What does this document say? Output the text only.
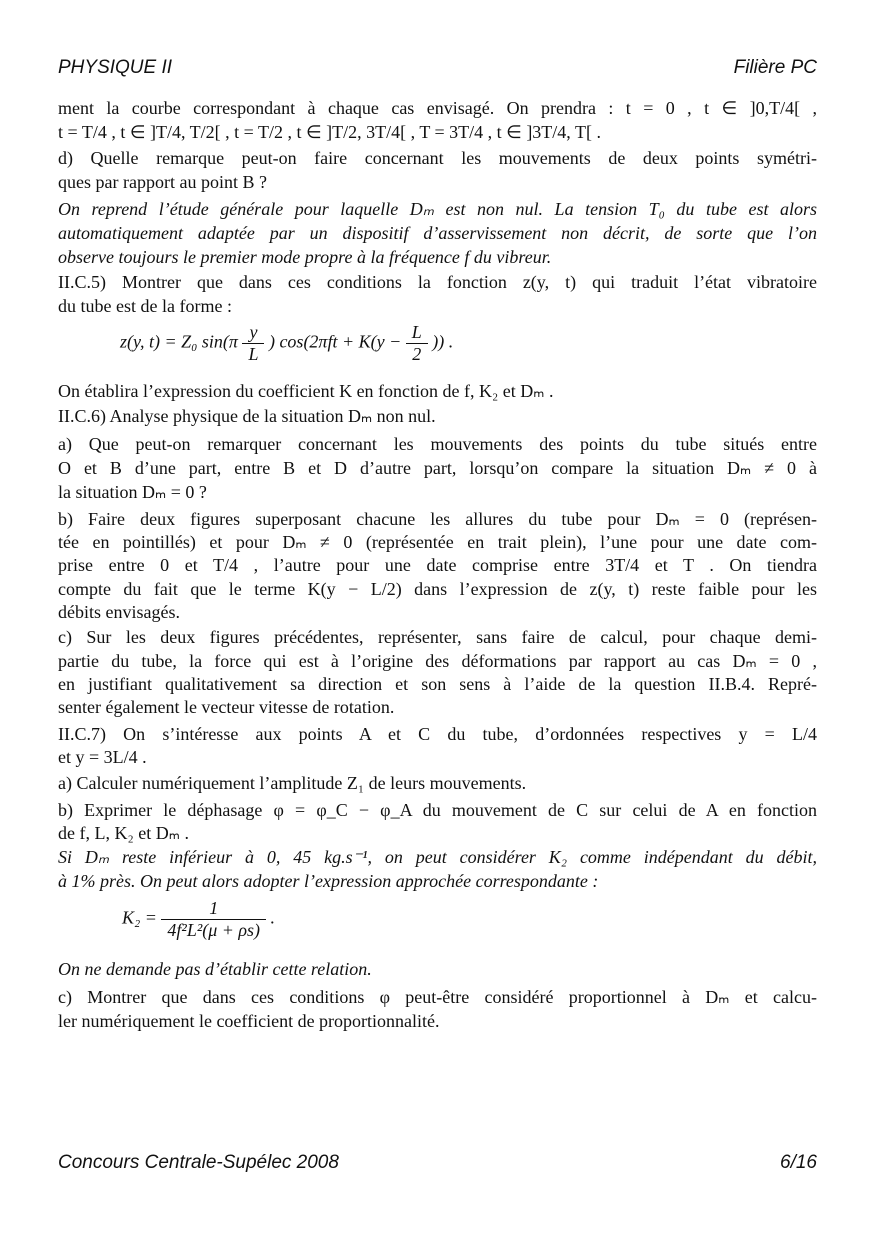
PHYSIQUE II	Filière PC
ment la courbe correspondant à chaque cas envisagé. On prendra : t = 0 , t ∈ ]0,T/4[ ,
t = T/4 , t ∈ ]T/4, T/2[ , t = T/2 , t ∈ ]T/2, 3T/4[ , T = 3T/4 , t ∈ ]3T/4, T[ .
d) Quelle remarque peut-on faire concernant les mouvements de deux points symétri-
ques par rapport au point B ?
On reprend l’étude générale pour laquelle Dₘ est non nul. La tension T₀ du tube est alors
automatiquement adaptée par un dispositif d’asservissement non décrit, de sorte que l’on
observe toujours le premier mode propre à la fréquence f du vibreur.
II.C.5) Montrer que dans ces conditions la fonction z(y, t) qui traduit l’état vibratoire
du tube est de la forme :
z(y, t) = Z₀ $\sin(\pi \frac{y}{L}$ ) $\cos(2\pi ft + K(y - \frac{L}{2}$ )) .
On établira l’expression du coefficient K en fonction de f, K₂ et Dₘ .
II.C.6) Analyse physique de la situation Dₘ non nul.
a) Que peut-on remarquer concernant les mouvements des points du tube situés entre
O et B d’une part, entre B et D d’autre part, lorsqu’on compare la situation Dₘ ≠ 0 à
la situation Dₘ = 0 ?
b) Faire deux figures superposant chacune les allures du tube pour Dₘ = 0 (représen-
tée en pointillés) et pour Dₘ ≠ 0 (représentée en trait plein), l’une pour une date com-
prise entre 0 et T/4 , l’autre pour une date comprise entre 3T/4 et T . On tiendra
compte du fait que le terme K(y − L/2) dans l’expression de z(y, t) reste faible pour les
débits envisagés.
c) Sur les deux figures précédentes, représenter, sans faire de calcul, pour chaque demi-
partie du tube, la force qui est à l’origine des déformations par rapport au cas Dₘ = 0 ,
en justifiant qualitativement sa direction et son sens à l’aide de la question II.B.4. Repré-
senter également le vecteur vitesse de rotation.
II.C.7) On s’intéresse aux points A et C du tube, d’ordonnées respectives y = L/4
et y = 3L/4 .
a) Calculer numériquement l’amplitude Z₁ de leurs mouvements.
b) Exprimer le déphasage φ = φ_C − φ_A du mouvement de C sur celui de A en fonction
de f, L, K₂ et Dₘ .
Si Dₘ reste inférieur à 0, 45 kg.s⁻¹, on peut considérer K₂ comme indépendant du débit,
à 1% près. On peut alors adopter l’expression approchée correspondante :
$K_2 = \frac{1}{\text{4f²L²(μ + ρs)}}$ .
On ne demande pas d’établir cette relation.
c) Montrer que dans ces conditions φ peut-être considéré proportionnel à Dₘ et calcu-
ler numériquement le coefficient de proportionnalité.
Concours Centrale-Supélec 2008	6/16
